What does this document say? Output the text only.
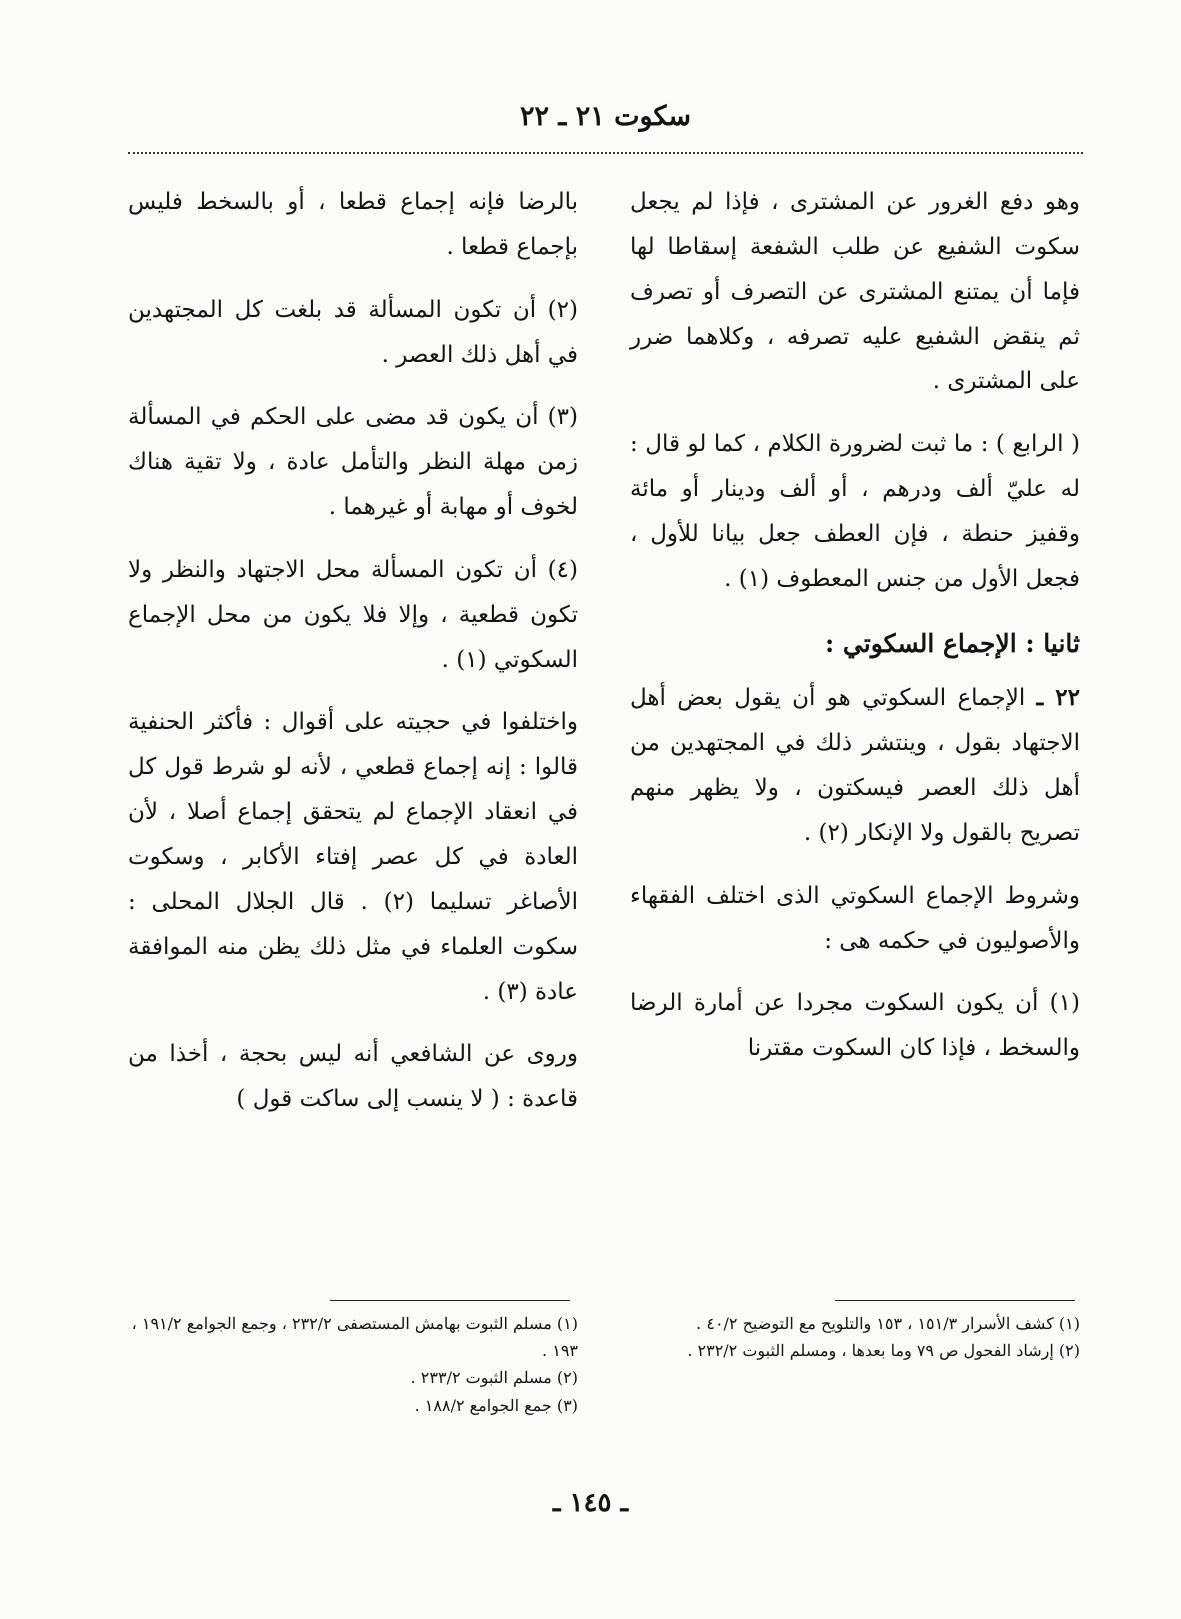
سكوت ٢١ ـ ٢٢

وهو دفع الغرور عن المشترى ، فإذا لم يجعل سكوت الشفيع عن طلب الشفعة إسقاطا لها فإما أن يمتنع المشترى عن التصرف أو تصرف ثم ينقض الشفيع عليه تصرفه ، وكلاهما ضرر على المشترى .

( الرابع ) : ما ثبت لضرورة الكلام ، كما لو قال : له عليّ ألف ودرهم ، أو ألف ودينار أو مائة وقفيز حنطة ، فإن العطف جعل بيانا للأول ، فجعل الأول من جنس المعطوف (١) .

ثانيا : الإجماع السكوتي :

٢٢ ـ الإجماع السكوتي هو أن يقول بعض أهل الاجتهاد بقول ، وينتشر ذلك في المجتهدين من أهل ذلك العصر فيسكتون ، ولا يظهر منهم تصريح بالقول ولا الإنكار (٢) .

وشروط الإجماع السكوتي الذى اختلف الفقهاء والأصوليون في حكمه هى :

(١) أن يكون السكوت مجردا عن أمارة الرضا والسخط ، فإذا كان السكوت مقترنا

بالرضا فإنه إجماع قطعا ، أو بالسخط فليس بإجماع قطعا .

(٢) أن تكون المسألة قد بلغت كل المجتهدين في أهل ذلك العصر .

(٣) أن يكون قد مضى على الحكم في المسألة زمن مهلة النظر والتأمل عادة ، ولا تقية هناك لخوف أو مهابة أو غيرهما .

(٤) أن تكون المسألة محل الاجتهاد والنظر ولا تكون قطعية ، وإلا فلا يكون من محل الإجماع السكوتي (١) .

واختلفوا في حجيته على أقوال : فأكثر الحنفية قالوا : إنه إجماع قطعي ، لأنه لو شرط قول كل في انعقاد الإجماع لم يتحقق إجماع أصلا ، لأن العادة في كل عصر إفتاء الأكابر ، وسكوت الأصاغر تسليما (٢) . قال الجلال المحلى : سكوت العلماء في مثل ذلك يظن منه الموافقة عادة (٣) .

وروى عن الشافعي أنه ليس بحجة ، أخذا من قاعدة : ( لا ينسب إلى ساكت قول )

(١) كشف الأسرار ١٥١/٣ ، ١٥٣ والتلويح مع التوضيح ٤٠/٢ .
(٢) إرشاد الفحول ص ٧٩ وما بعدها ، ومسلم الثبوت ٢٣٢/٢ .
(١) مسلم الثبوت بهامش المستصفى ٢٣٢/٢ ، وجمع الجوامع ١٩١/٢ ، ١٩٣ .
(٢) مسلم الثبوت ٢٣٣/٢ .
(٣) جمع الجوامع ١٨٨/٢ .
ـ ١٤٥ ـ
